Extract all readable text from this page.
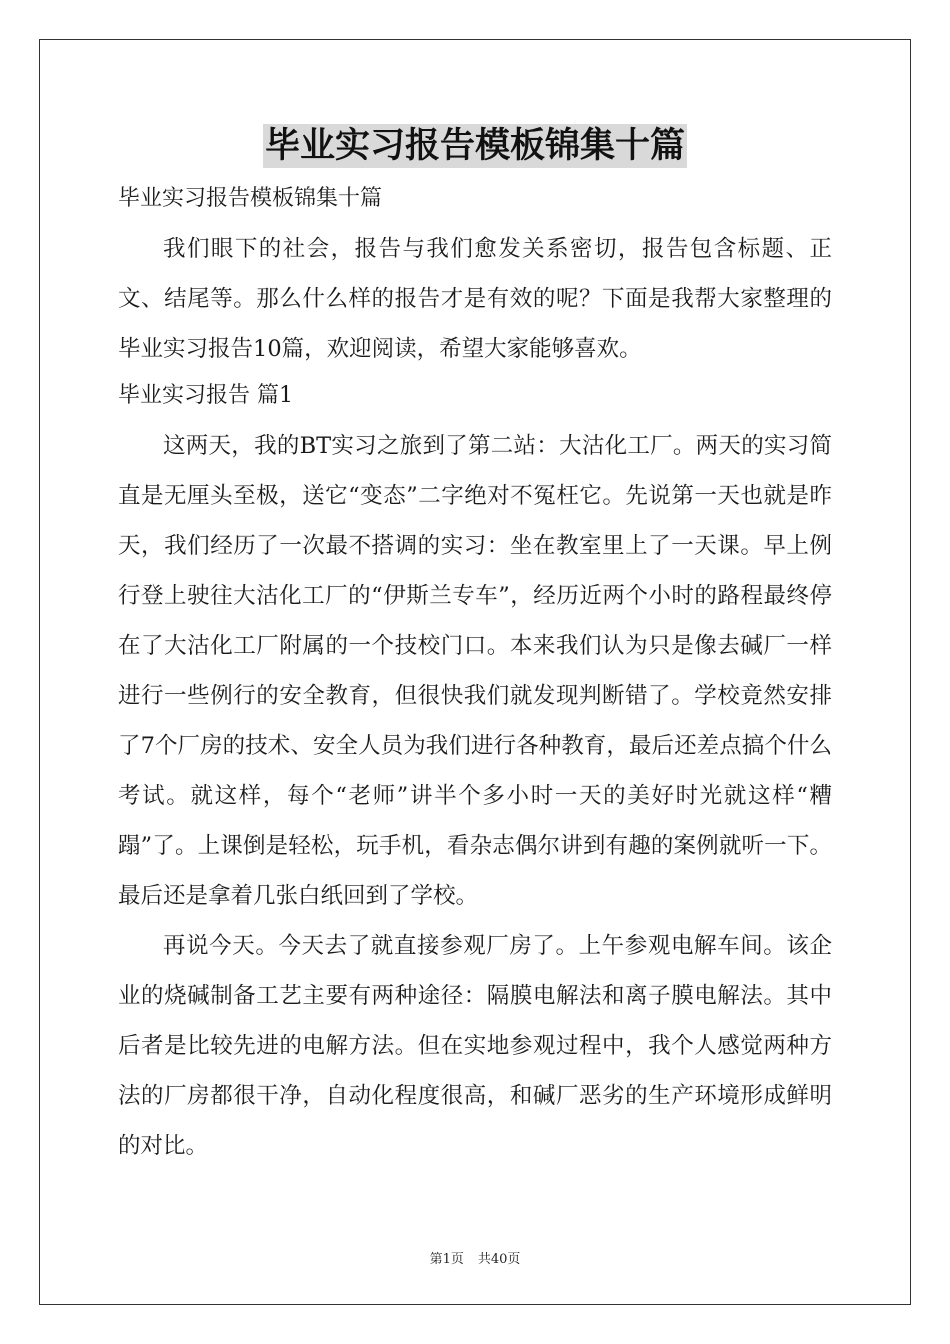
毕业实习报告模板锦集十篇

毕业实习报告模板锦集十篇

我们眼下的社会，报告与我们愈发关系密切，报告包含标题、正文、结尾等。那么什么样的报告才是有效的呢？下面是我帮大家整理的毕业实习报告10篇，欢迎阅读，希望大家能够喜欢。

毕业实习报告 篇1

这两天，我的BT实习之旅到了第二站：大沽化工厂。两天的实习简直是无厘头至极，送它“变态”二字绝对不冤枉它。先说第一天也就是昨天，我们经历了一次最不搭调的实习：坐在教室里上了一天课。早上例行登上驶往大沽化工厂的“伊斯兰专车”，经历近两个小时的路程最终停在了大沽化工厂附属的一个技校门口。本来我们认为只是像去碱厂一样进行一些例行的安全教育，但很快我们就发现判断错了。学校竟然安排了7个厂房的技术、安全人员为我们进行各种教育，最后还差点搞个什么考试。就这样，每个“老师”讲半个多小时一天的美好时光就这样“糟蹋”了。上课倒是轻松，玩手机，看杂志偶尔讲到有趣的案例就听一下。最后还是拿着几张白纸回到了学校。

再说今天。今天去了就直接参观厂房了。上午参观电解车间。该企业的烧碱制备工艺主要有两种途径：隔膜电解法和离子膜电解法。其中后者是比较先进的电解方法。但在实地参观过程中，我个人感觉两种方法的厂房都很干净，自动化程度很高，和碱厂恶劣的生产环境形成鲜明的对比。

第1页 共40页
